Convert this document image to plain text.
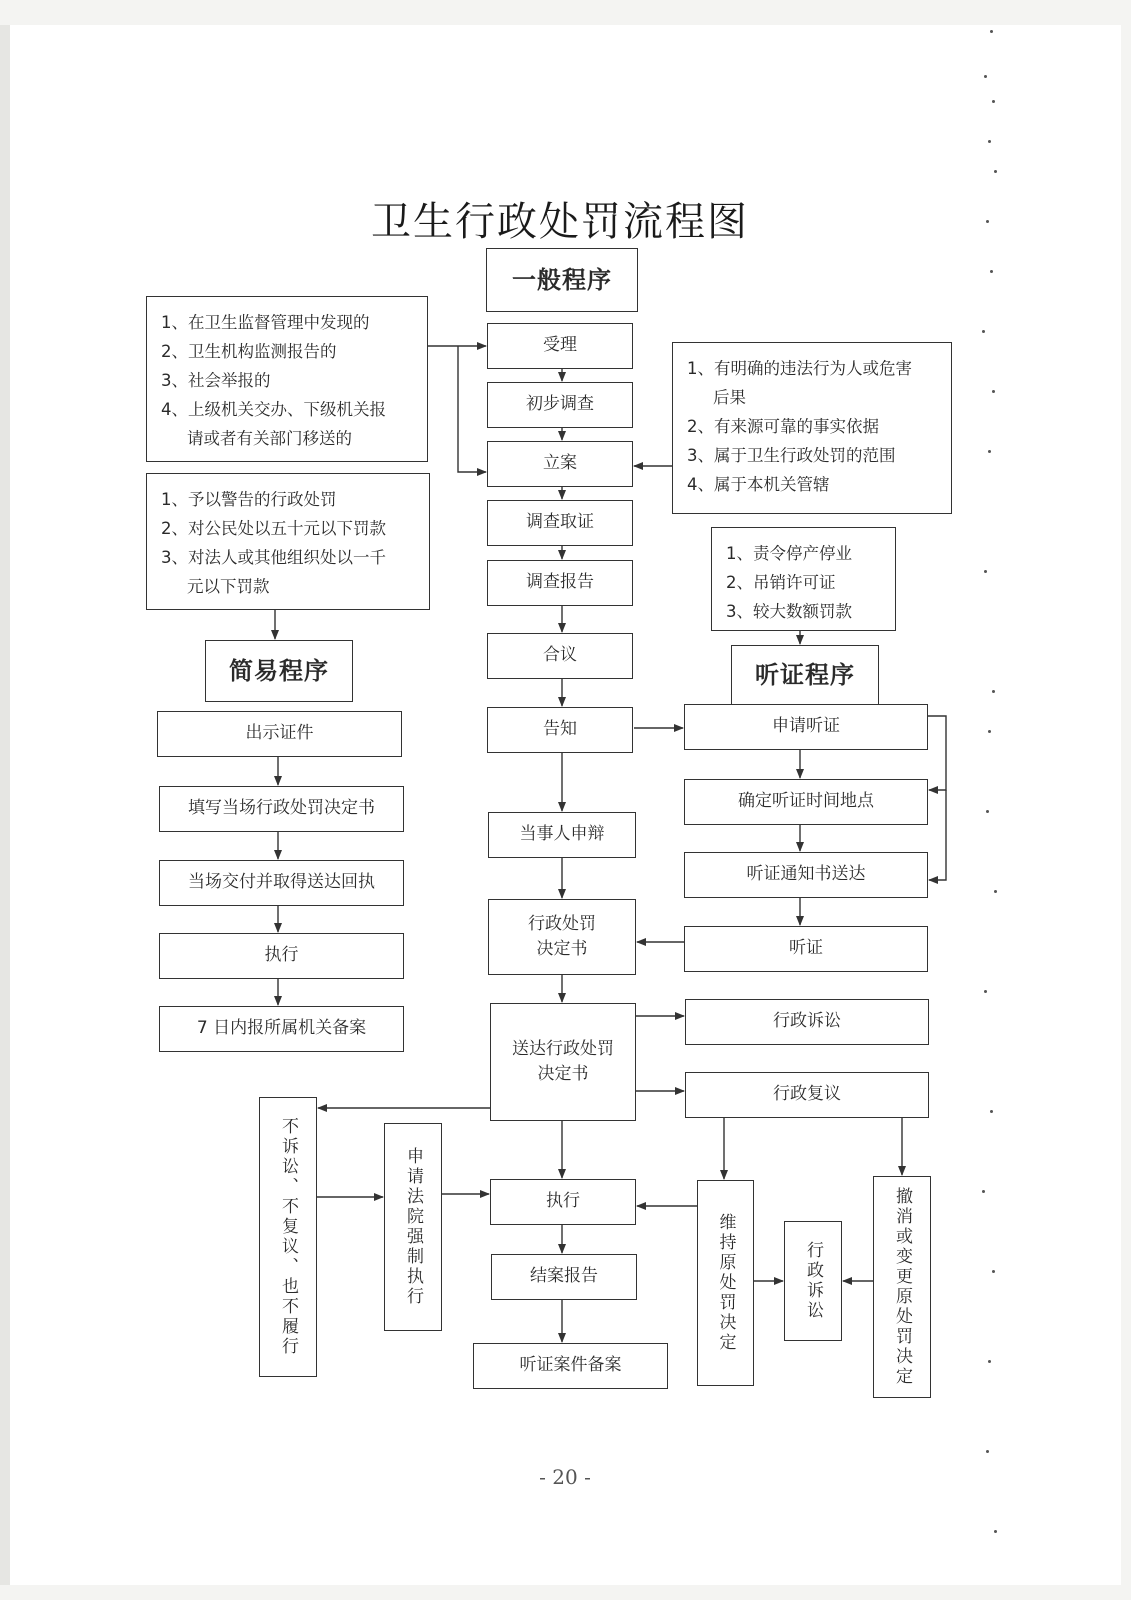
卫生行政处罚流程图
一般程序
受理
初步调查
立案
调查取证
调查报告
合议
告知
当事人申辩
行政处罚
决定书
送达行政处罚
决定书
执行
结案报告
听证案件备案
1、在卫生监督管理中发现的
2、卫生机构监测报告的
3、社会举报的
4、上级机关交办、下级机关报
请或者有关部门移送的
1、有明确的违法行为人或危害
后果
2、有来源可靠的事实依据
3、属于卫生行政处罚的范围
4、属于本机关管辖
1、予以警告的行政处罚
2、对公民处以五十元以下罚款
3、对法人或其他组织处以一千
元以下罚款
简易程序
出示证件
填写当场行政处罚决定书
当场交付并取得送达回执
执行
7 日内报所属机关备案
1、责令停产停业
2、吊销许可证
3、较大数额罚款
听证程序
申请听证
确定听证时间地点
听证通知书送达
听证
行政诉讼
行政复议
维持原处罚决定	行政诉讼	撤消或变更原处罚决定
不诉讼、不复议、也不履行	申请法院强制执行
- 20 -
